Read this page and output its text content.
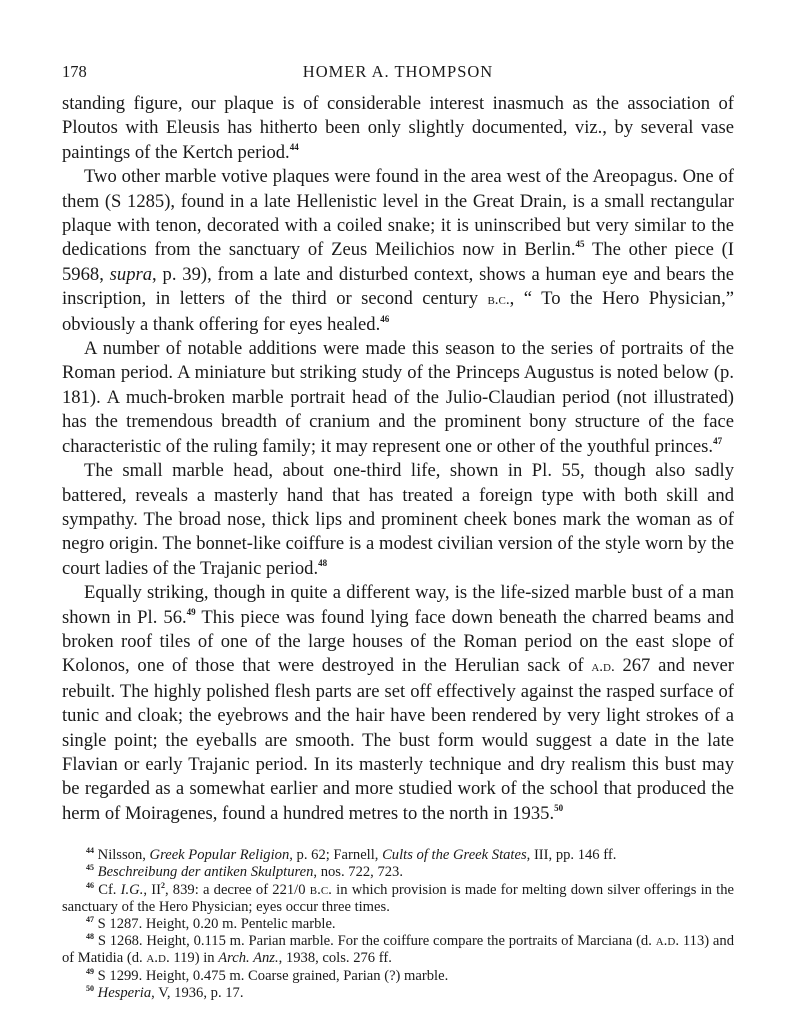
178	HOMER A. THOMPSON

standing figure, our plaque is of considerable interest inasmuch as the association of Ploutos with Eleusis has hitherto been only slightly documented, viz., by several vase paintings of the Kertch period.$^{44}$

Two other marble votive plaques were found in the area west of the Areopagus. One of them (S 1285), found in a late Hellenistic level in the Great Drain, is a small rectangular plaque with tenon, decorated with a coiled snake; it is uninscribed but very similar to the dedications from the sanctuary of Zeus Meilichios now in Berlin.$^{45}$ The other piece (I 5968, supra, p. 39), from a late and disturbed context, shows a human eye and bears the inscription, in letters of the third or second century b.c., “ To the Hero Physician,” obviously a thank offering for eyes healed.$^{46}$

A number of notable additions were made this season to the series of portraits of the Roman period. A miniature but striking study of the Princeps Augustus is noted below (p. 181). A much-broken marble portrait head of the Julio-Claudian period (not illustrated) has the tremendous breadth of cranium and the prominent bony structure of the face characteristic of the ruling family; it may represent one or other of the youthful princes.$^{47}$

The small marble head, about one-third life, shown in Pl. 55, though also sadly battered, reveals a masterly hand that has treated a foreign type with both skill and sympathy. The broad nose, thick lips and prominent cheek bones mark the woman as of negro origin. The bonnet-like coiffure is a modest civilian version of the style worn by the court ladies of the Trajanic period.$^{48}$

Equally striking, though in quite a different way, is the life-sized marble bust of a man shown in Pl. 56.49 This piece was found lying face down beneath the charred beams and broken roof tiles of one of the large houses of the Roman period on the east slope of Kolonos, one of those that were destroyed in the Herulian sack of a.d. 267 and never rebuilt. The highly polished flesh parts are set off effectively against the rasped surface of tunic and cloak; the eyebrows and the hair have been rendered by very light strokes of a single point; the eyeballs are smooth. The bust form would suggest a date in the late Flavian or early Trajanic period. In its masterly technique and dry realism this bust may be regarded as a somewhat earlier and more studied work of the school that produced the herm of Moiragenes, found a hundred metres to the north in 1935.50

$^{44}$ Nilsson, Greek Popular Religion, p. 62; Farnell, Cults of the Greek States, III, pp. 146 ff.

$^{45}$ Beschreibung der antiken Skulpturen, nos. 722, 723.

$^{46}$ Cf. I.G., $II^2$, 839: a decree of 221/0 b.c. in which provision is made for melting down silver offerings in the sanctuary of the Hero Physician; eyes occur three times.

$^{47}$ S 1287. Height, 0.20 m. Pentelic marble.

$^{48}$ S 1268. Height, 0.115 m. Parian marble. For the coiffure compare the portraits of Marciana (d. a.d. 113) and of Matidia (d. a.d. 119) in Arch. Anz., 1938, cols. 276 ff.

$^{49}$ S 1299. Height, 0.475 m. Coarse grained, Parian (?) marble.

$^{50}$ Hesperia, V, 1936, p. 17.
